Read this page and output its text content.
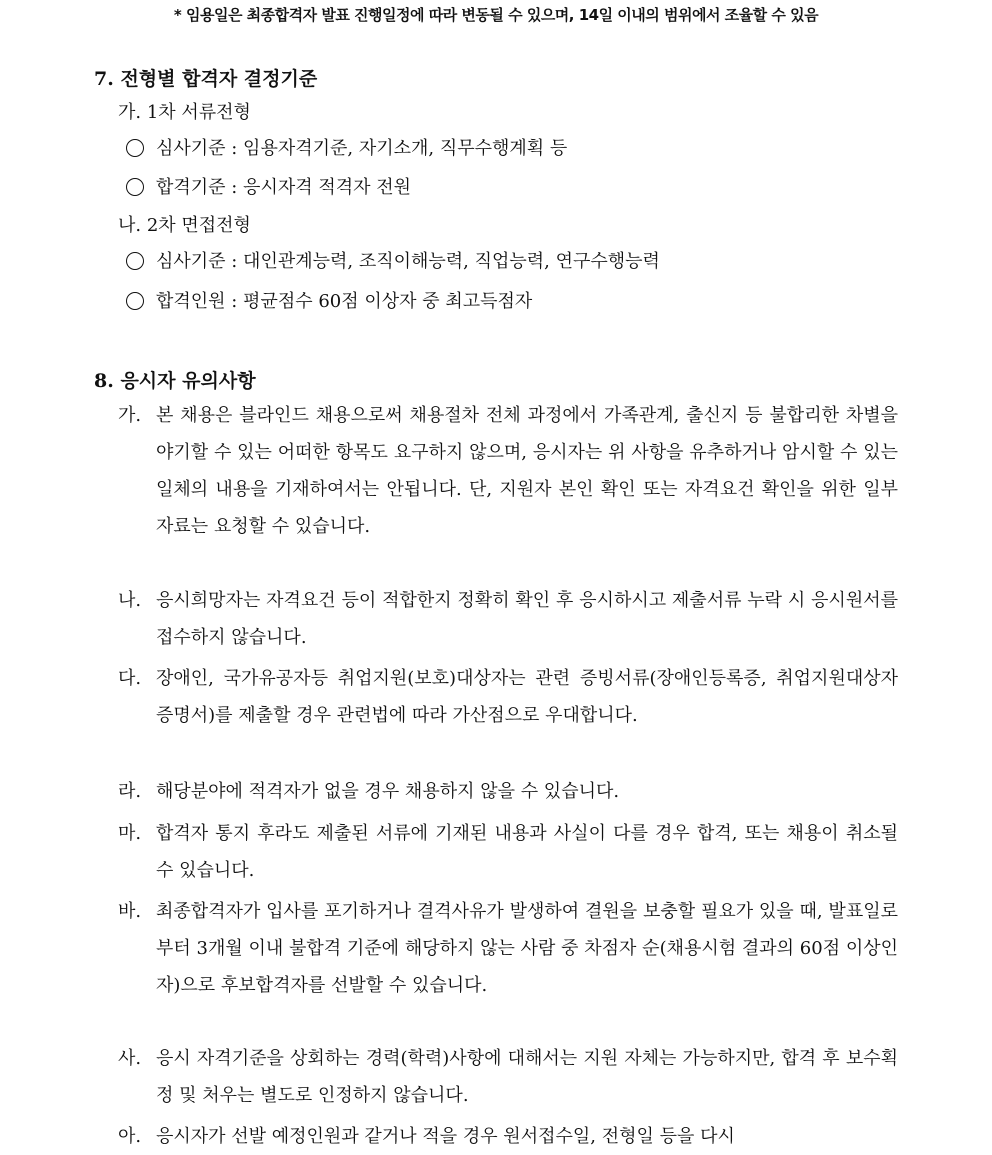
* 임용일은 최종합격자 발표 진행일정에 따라 변동될 수 있으며, 14일 이내의 범위에서 조율할 수 있음
7. 전형별 합격자 결정기준
가. 1차 서류전형
심사기준 : 임용자격기준, 자기소개, 직무수행계획 등
합격기준 : 응시자격 적격자 전원
나. 2차 면접전형
심사기준 : 대인관계능력, 조직이해능력, 직업능력, 연구수행능력
합격인원 : 평균점수 60점 이상자 중 최고득점자
8. 응시자 유의사항
가. 본 채용은 블라인드 채용으로써 채용절차 전체 과정에서 가족관계, 출신지 등 불합리한 차별을 야기할 수 있는 어떠한 항목도 요구하지 않으며, 응시자는 위 사항을 유추하거나 암시할 수 있는 일체의 내용을 기재하여서는 안됩니다. 단, 지원자 본인 확인 또는 자격요건 확인을 위한 일부 자료는 요청할 수 있습니다.
나. 응시희망자는 자격요건 등이 적합한지 정확히 확인 후 응시하시고 제출서류 누락 시 응시원서를 접수하지 않습니다.
다. 장애인, 국가유공자등 취업지원(보호)대상자는 관련 증빙서류(장애인등록증, 취업지원대상자 증명서)를 제출할 경우 관련법에 따라 가산점으로 우대합니다.
라. 해당분야에 적격자가 없을 경우 채용하지 않을 수 있습니다.
마. 합격자 통지 후라도 제출된 서류에 기재된 내용과 사실이 다를 경우 합격, 또는 채용이 취소될 수 있습니다.
바. 최종합격자가 입사를 포기하거나 결격사유가 발생하여 결원을 보충할 필요가 있을 때, 발표일로부터 3개월 이내 불합격 기준에 해당하지 않는 사람 중 차점자 순(채용시험 결과의 60점 이상인자)으로 후보합격자를 선발할 수 있습니다.
사. 응시 자격기준을 상회하는 경력(학력)사항에 대해서는 지원 자체는 가능하지만, 합격 후 보수획정 및 처우는 별도로 인정하지 않습니다.
아. 응시자가 선발 예정인원과 같거나 적을 경우 원서접수일, 전형일 등을 다시
